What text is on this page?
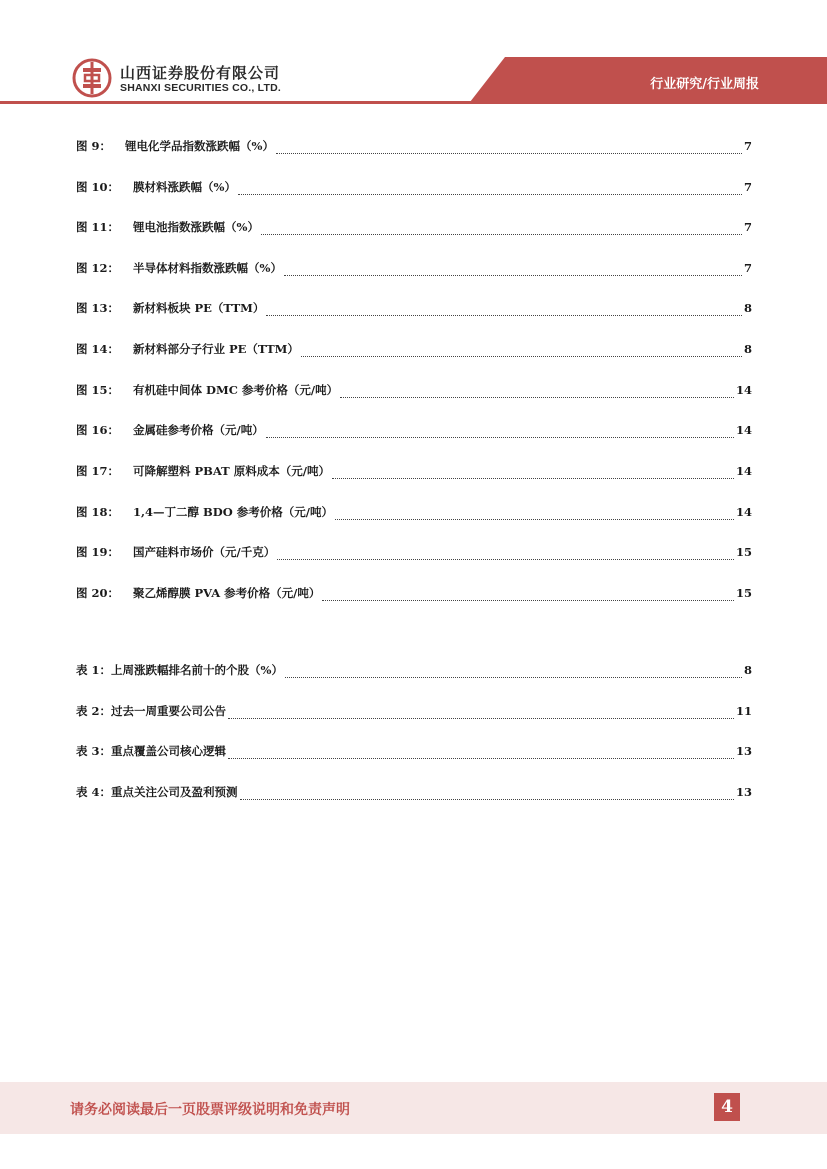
山西证券股份有限公司
SHANXI SECURITIES CO., LTD.	行业研究/行业周报
图 9： 锂电化学品指数涨跌幅（%）	7
图 10： 膜材料涨跌幅（%）	7
图 11： 锂电池指数涨跌幅（%）	7
图 12： 半导体材料指数涨跌幅（%）	7
图 13： 新材料板块 PE（TTM）	8
图 14： 新材料部分子行业 PE（TTM）	8
图 15： 有机硅中间体 DMC 参考价格（元/吨）	14
图 16： 金属硅参考价格（元/吨）	14
图 17： 可降解塑料 PBAT 原料成本（元/吨）	14
图 18： 1,4—丁二醇 BDO 参考价格（元/吨）	14
图 19： 国产硅料市场价（元/千克）	15
图 20： 聚乙烯醇膜 PVA 参考价格（元/吨）	15
表 1： 上周涨跌幅排名前十的个股（%）	8
表 2： 过去一周重要公司公告	11
表 3： 重点覆盖公司核心逻辑	13
表 4： 重点关注公司及盈利预测	13
请务必阅读最后一页股票评级说明和免责声明	4
